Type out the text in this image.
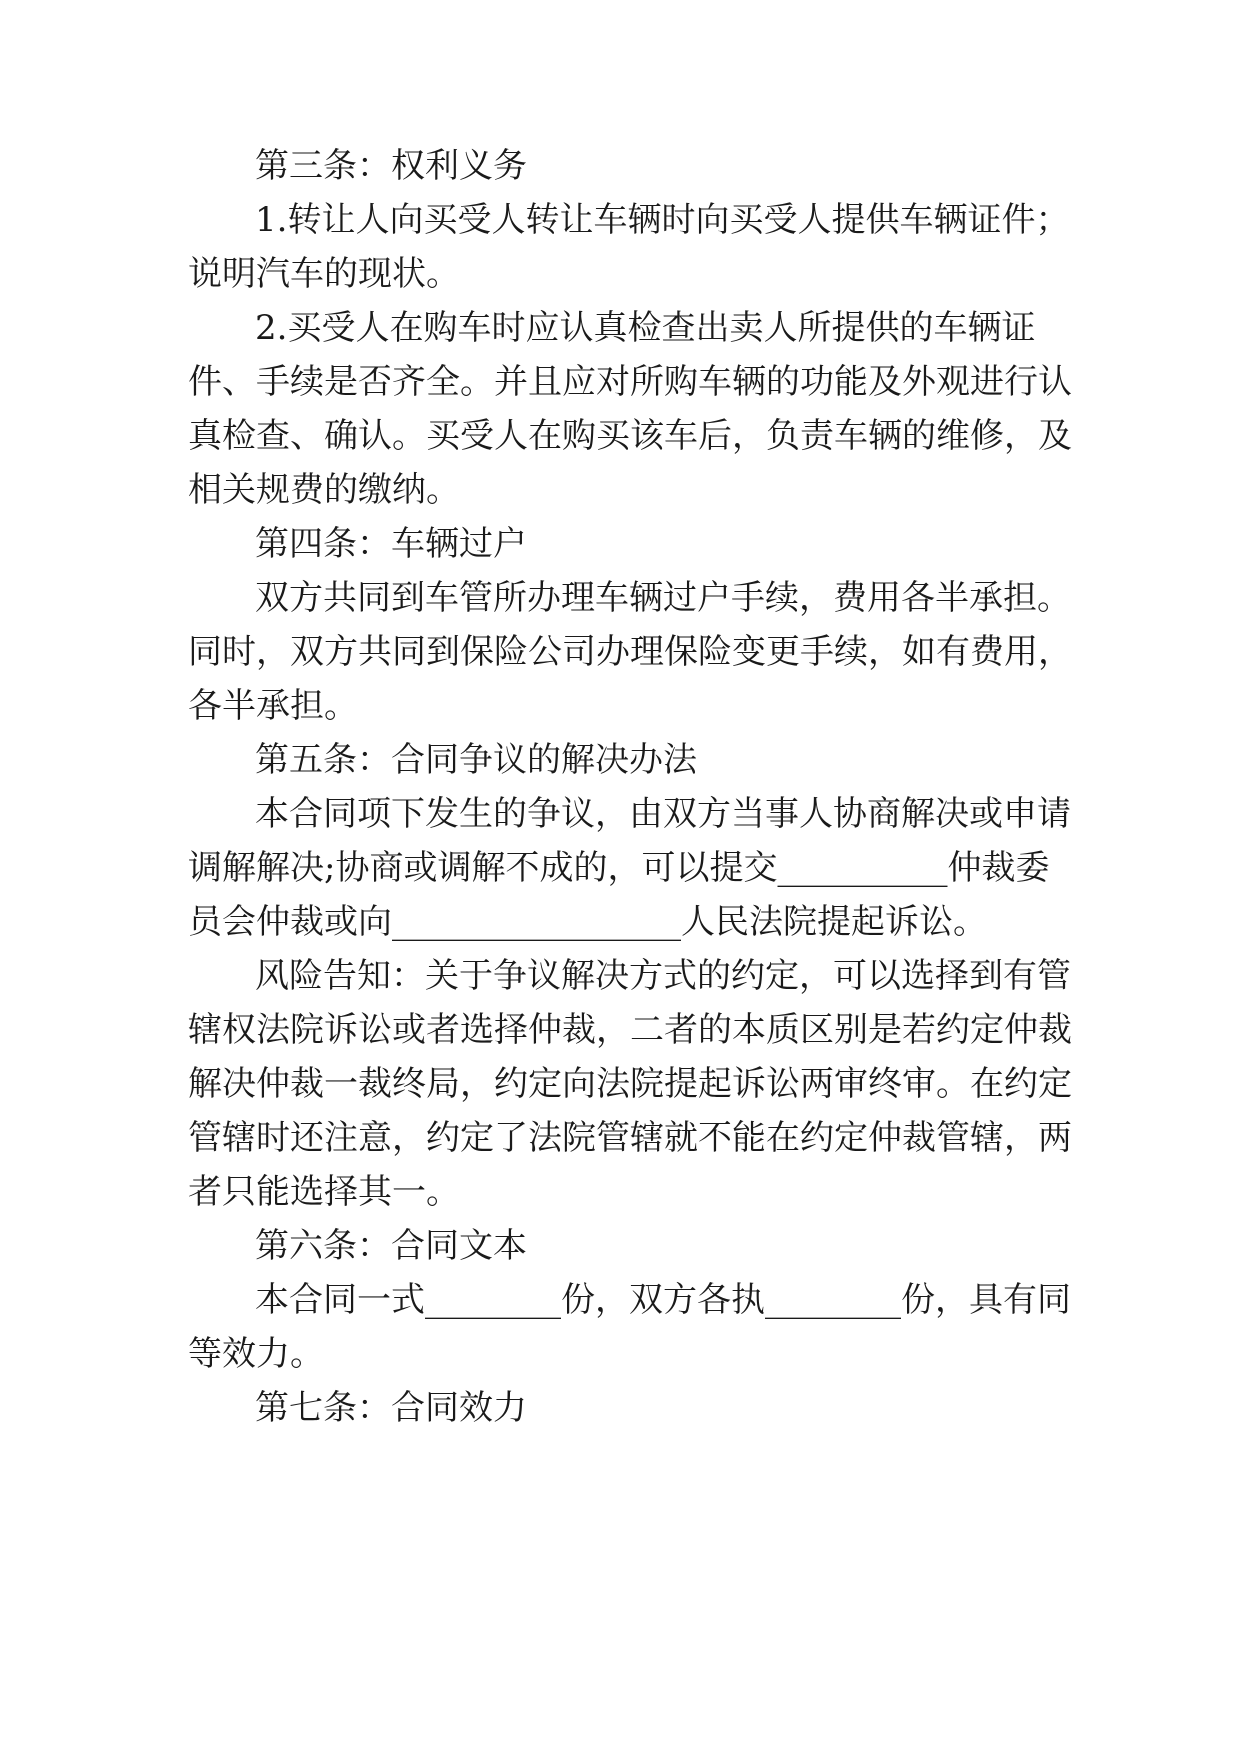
第三条：权利义务
1.转让人向买受人转让车辆时向买受人提供车辆证件；
说明汽车的现状。
2.买受人在购车时应认真检查出卖人所提供的车辆证
件、手续是否齐全。并且应对所购车辆的功能及外观进行认
真检查、确认。买受人在购买该车后，负责车辆的维修，及
相关规费的缴纳。
第四条：车辆过户
双方共同到车管所办理车辆过户手续，费用各半承担。
同时，双方共同到保险公司办理保险变更手续，如有费用，
各半承担。
第五条：合同争议的解决办法
本合同项下发生的争议，由双方当事人协商解决或申请
调解解决;协商或调解不成的，可以提交__________仲裁委
员会仲裁或向_________________人民法院提起诉讼。
风险告知：关于争议解决方式的约定，可以选择到有管
辖权法院诉讼或者选择仲裁，二者的本质区别是若约定仲裁
解决仲裁一裁终局，约定向法院提起诉讼两审终审。在约定
管辖时还注意，约定了法院管辖就不能在约定仲裁管辖，两
者只能选择其一。
第六条：合同文本
本合同一式________份，双方各执________份，具有同
等效力。
第七条：合同效力
